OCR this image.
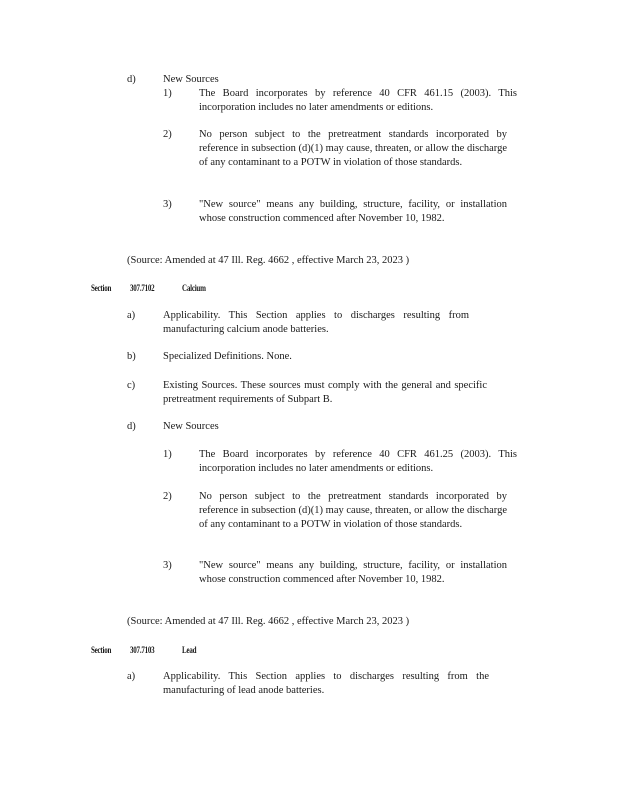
d)	New Sources
1)	The Board incorporates by reference 40 CFR 461.15 (2003). This incorporation includes no later amendments or editions.
2)	No person subject to the pretreatment standards incorporated by reference in subsection (d)(1) may cause, threaten, or allow the discharge of any contaminant to a POTW in violation of those standards.
3)	"New source" means any building, structure, facility, or installation whose construction commenced after November 10, 1982.
(Source: Amended at 47 Ill. Reg. 4662 , effective March 23, 2023 )
Section 307.7102	Calcium
a)	Applicability. This Section applies to discharges resulting from manufacturing calcium anode batteries.
b)	Specialized Definitions. None.
c)	Existing Sources. These sources must comply with the general and specific pretreatment requirements of Subpart B.
d)	New Sources
1)	The Board incorporates by reference 40 CFR 461.25 (2003). This incorporation includes no later amendments or editions.
2)	No person subject to the pretreatment standards incorporated by reference in subsection (d)(1) may cause, threaten, or allow the discharge of any contaminant to a POTW in violation of those standards.
3)	"New source" means any building, structure, facility, or installation whose construction commenced after November 10, 1982.
(Source: Amended at 47 Ill. Reg. 4662 , effective March 23, 2023 )
Section 307.7103	Lead
a)	Applicability. This Section applies to discharges resulting from the manufacturing of lead anode batteries.
